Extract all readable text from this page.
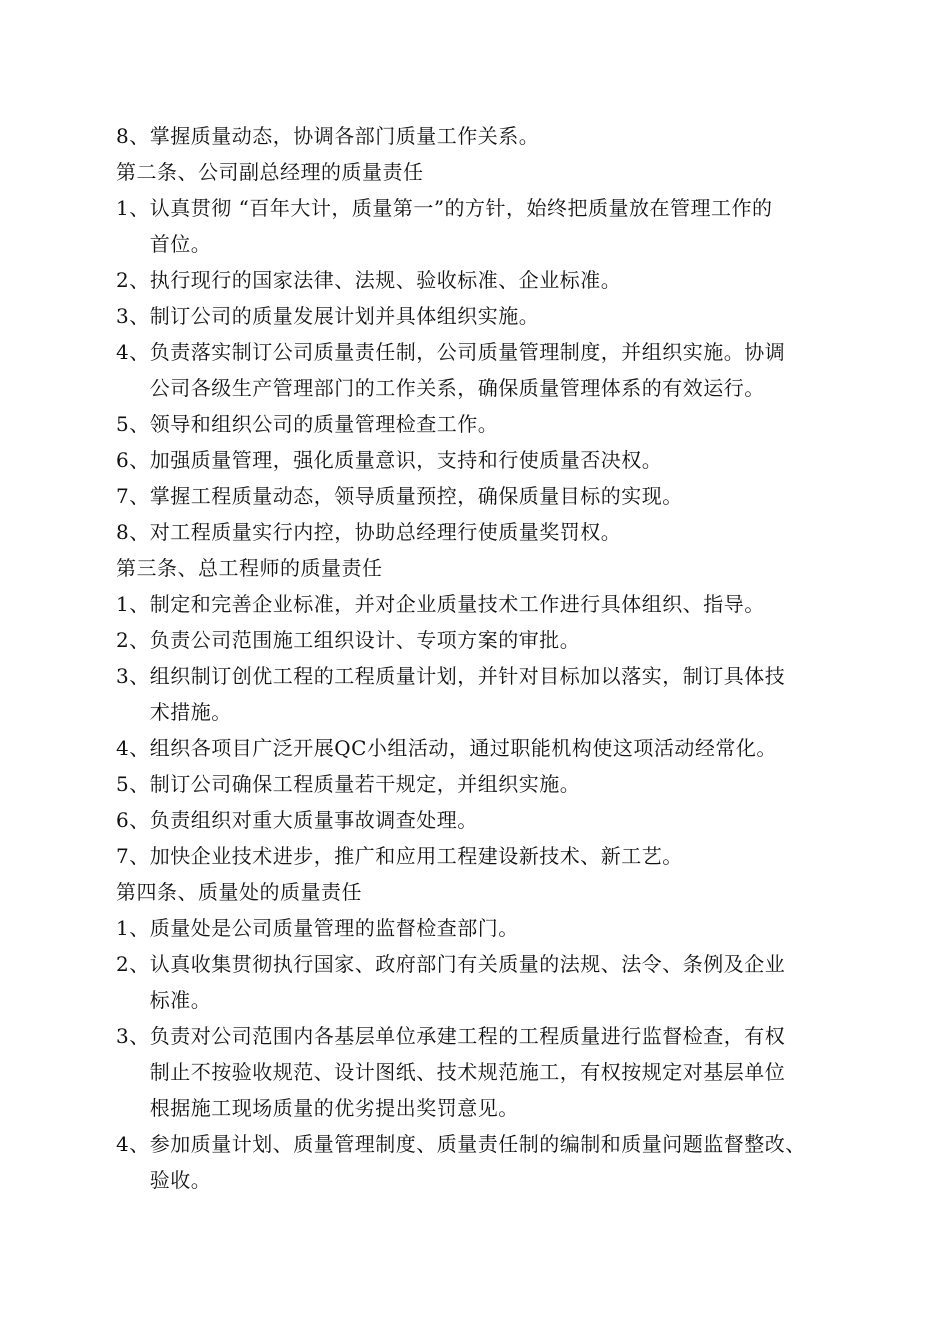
8、 掌握质量动态，协调各部门质量工作关系。
第二条、公司副总经理的质量责任
1、 认真贯彻 “百年大计，质量第一”的方针，始终把质量放在管理工作的
首位。
2、 执行现行的国家法律、法规、验收标准、企业标准。
3、 制订公司的质量发展计划并具体组织实施。
4、 负责落实制订公司质量责任制，公司质量管理制度，并组织实施。协调
公司各级生产管理部门的工作关系，确保质量管理体系的有效运行。
5、 领导和组织公司的质量管理检查工作。
6、 加强质量管理，强化质量意识，支持和行使质量否决权。
7、 掌握工程质量动态，领导质量预控，确保质量目标的实现。
8、 对工程质量实行内控，协助总经理行使质量奖罚权。
第三条、总工程师的质量责任
1、 制定和完善企业标准，并对企业质量技术工作进行具体组织、指导。
2、 负责公司范围施工组织设计、专项方案的审批。
3、 组织制订创优工程的工程质量计划，并针对目标加以落实，制订具体技
术措施。
4、 组织各项目广泛开展QC小组活动，通过职能机构使这项活动经常化。
5、 制订公司确保工程质量若干规定，并组织实施。
6、 负责组织对重大质量事故调查处理。
7、 加快企业技术进步，推广和应用工程建设新技术、新工艺。
第四条、质量处的质量责任
1、 质量处是公司质量管理的监督检查部门。
2、 认真收集贯彻执行国家、政府部门有关质量的法规、法令、条例及企业
标准。
3、 负责对公司范围内各基层单位承建工程的工程质量进行监督检查，有权
制止不按验收规范、设计图纸、技术规范施工，有权按规定对基层单位
根据施工现场质量的优劣提出奖罚意见。
4、 参加质量计划、质量管理制度、质量责任制的编制和质量问题监督整改、
验收。
